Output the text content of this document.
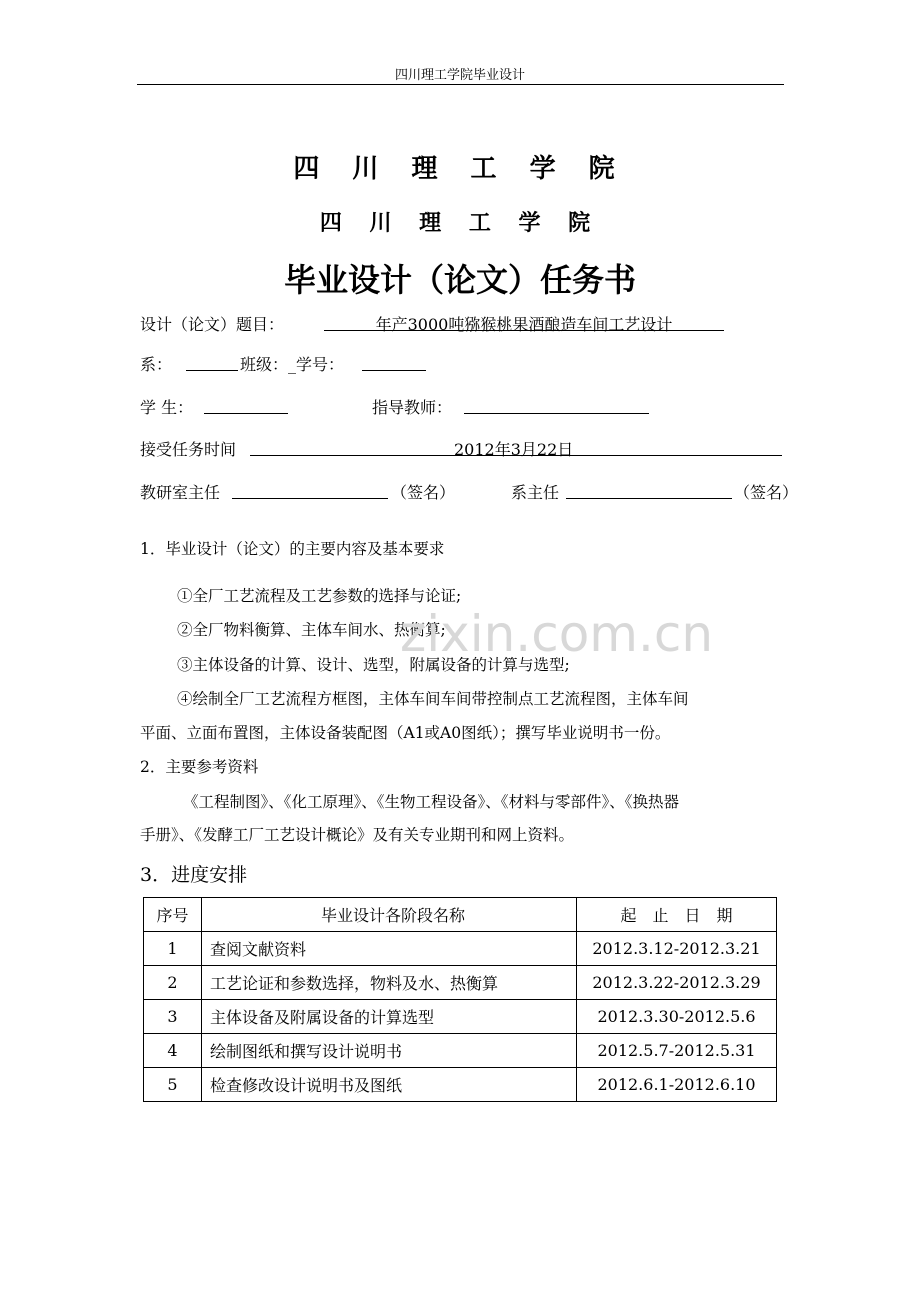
四川理工学院毕业设计
四 川 理 工 学 院
四 川 理 工 学 院
毕业设计（论文）任务书
设计（论文）题目：	年产3000吨猕猴桃果酒酿造车间工艺设计
系：	班级：_学号：
学 生：	指导教师：
接受任务时间	2012年3月22日
教研室主任	（签名）	系主任	（签名）
1．毕业设计（论文）的主要内容及基本要求
①全厂工艺流程及工艺参数的选择与论证;
②全厂物料衡算、主体车间水、热衡算;
③主体设备的计算、设计、选型，附属设备的计算与选型;
④绘制全厂工艺流程方框图，主体车间车间带控制点工艺流程图，主体车间
平面、立面布置图，主体设备装配图（A1或A0图纸）；撰写毕业说明书一份。
2．主要参考资料
《工程制图》、《化工原理》、《生物工程设备》、《材料与零部件》、《换热器
手册》、《发酵工厂工艺设计概论》及有关专业期刊和网上资料。
3．进度安排
序号	毕业设计各阶段名称	起　止　日　期
1	查阅文献资料	2012.3.12-2012.3.21
2	工艺论证和参数选择，物料及水、热衡算	2012.3.22-2012.3.29
3	主体设备及附属设备的计算选型	2012.3.30-2012.5.6
4	绘制图纸和撰写设计说明书	2012.5.7-2012.5.31
5	检查修改设计说明书及图纸	2012.6.1-2012.6.10
zixin.com.cn
